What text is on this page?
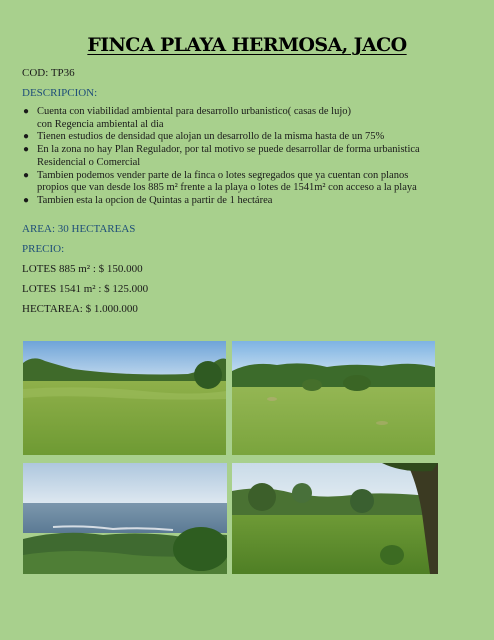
FINCA PLAYA HERMOSA, JACO

COD: TP36

DESCRIPCION:

● Cuenta con viabilidad ambiental para desarrollo urbanistico( casas de lujo)
con Regencia ambiental al dia
● Tienen estudios de densidad que alojan un desarrollo de la misma hasta de un 75%
● En la zona no hay Plan Regulador, por tal motivo se puede desarrollar de forma urbanistica
Residencial o Comercial
● Tambien podemos vender parte de la finca o lotes segregados que ya cuentan con planos
propios que van desde los 885 m² frente a la playa o lotes de 1541m² con acceso a la playa
● Tambien esta la opcion de Quintas a partir de 1 hectárea

AREA: 30 HECTAREAS

PRECIO:

LOTES 885 m² : $ 150.000

LOTES 1541 m² : $ 125.000

HECTAREA: $ 1.000.000
